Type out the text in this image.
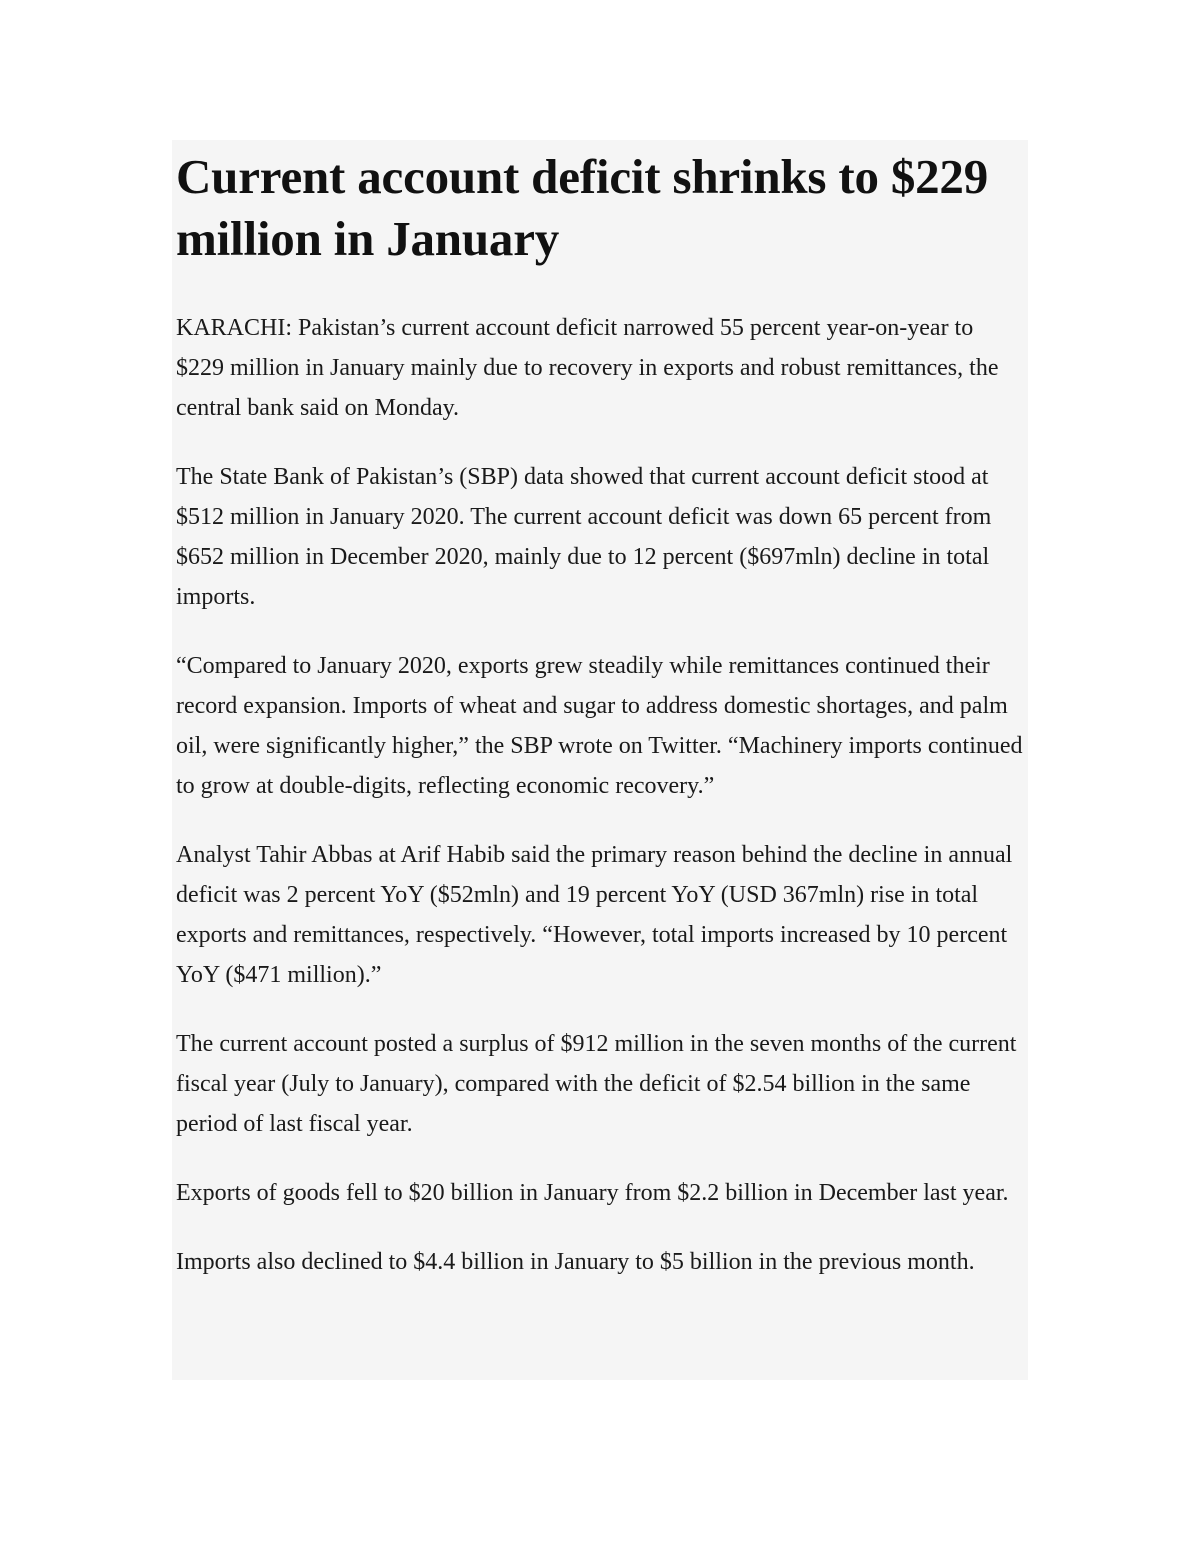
Current account deficit shrinks to $229 million in January

KARACHI: Pakistan’s current account deficit narrowed 55 percent year-on-year to $229 million in January mainly due to recovery in exports and robust remittances, the central bank said on Monday.

The State Bank of Pakistan’s (SBP) data showed that current account deficit stood at $512 million in January 2020. The current account deficit was down 65 percent from $652 million in December 2020, mainly due to 12 percent ($697mln) decline in total imports.

“Compared to January 2020, exports grew steadily while remittances continued their record expansion. Imports of wheat and sugar to address domestic shortages, and palm oil, were significantly higher,” the SBP wrote on Twitter. “Machinery imports continued to grow at double-digits, reflecting economic recovery.”

Analyst Tahir Abbas at Arif Habib said the primary reason behind the decline in annual deficit was 2 percent YoY ($52mln) and 19 percent YoY (USD 367mln) rise in total exports and remittances, respectively. “However, total imports increased by 10 percent YoY ($471 million).”

The current account posted a surplus of $912 million in the seven months of the current fiscal year (July to January), compared with the deficit of $2.54 billion in the same period of last fiscal year.

Exports of goods fell to $20 billion in January from $2.2 billion in December last year.

Imports also declined to $4.4 billion in January to $5 billion in the previous month.
